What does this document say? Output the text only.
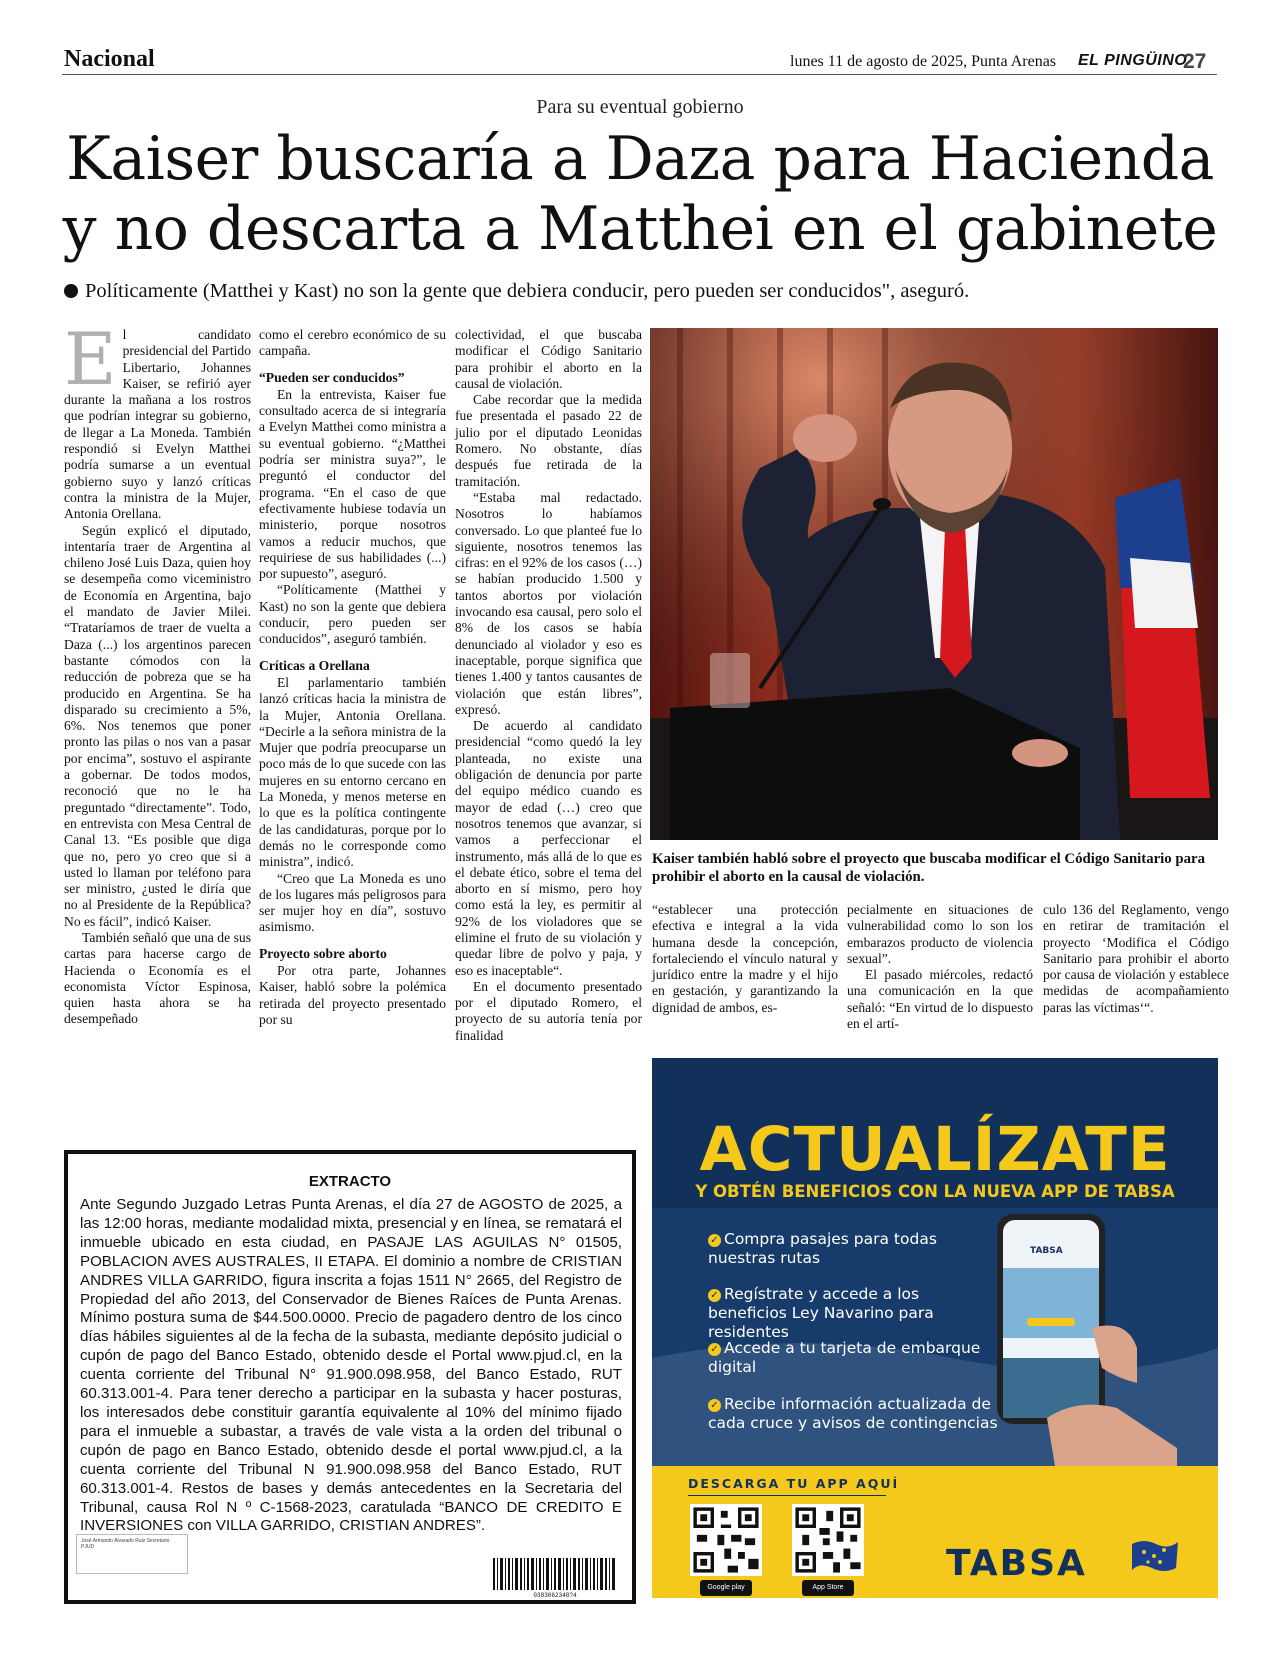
Nacional	lunes 11 de agosto de 2025, Punta Arenas EL PINGÜINO
27
Para su eventual gobierno
Kaiser buscaría a Daza para Hacienda
y no descarta a Matthei en el gabinete
Políticamente (Matthei y Kast) no son la gente que debiera conducir, pero pueden ser conducidos", aseguró.
E l candidato presidencial del Partido Libertario, Johannes Kaiser, se refirió ayer durante la mañana a los rostros que podrían integrar su gobierno, de llegar a La Moneda. También respondió si Evelyn Matthei podría sumarse a un eventual gobierno suyo y lanzó críticas contra la ministra de la Mujer, Antonia Orellana.

Según explicó el diputado, intentaría traer de Argentina al chileno José Luis Daza, quien hoy se desempeña como viceministro de Economía en Argentina, bajo el mandato de Javier Milei. “Trataríamos de traer de vuelta a Daza (...) los argentinos parecen bastante cómodos con la reducción de pobreza que se ha producido en Argentina. Se ha disparado su crecimiento a 5%, 6%. Nos tenemos que poner pronto las pilas o nos van a pasar por encima”, sostuvo el aspirante a gobernar. De todos modos, reconoció que no le ha preguntado “directamente”. Todo, en entrevista con Mesa Central de Canal 13. “Es posible que diga que no, pero yo creo que si a usted lo llaman por teléfono para ser ministro, ¿usted le diría que no al Presidente de la República? No es fácil”, indicó Kaiser.

También señaló que una de sus cartas para hacerse cargo de Hacienda o Economía es el economista Víctor Espinosa, quien hasta ahora se ha desempeñado

como el cerebro económico de su campaña.

“Pueden ser conducidos”

En la entrevista, Kaiser fue consultado acerca de si integraría a Evelyn Matthei como ministra a su eventual gobierno. “¿Matthei podría ser ministra suya?”, le preguntó el conductor del programa. “En el caso de que efectivamente hubiese todavía un ministerio, porque nosotros vamos a reducir muchos, que requiriese de sus habilidades (...) por supuesto”, aseguró.

“Políticamente (Matthei y Kast) no son la gente que debiera conducir, pero pueden ser conducidos”, aseguró también.

Críticas a Orellana

El parlamentario también lanzó críticas hacia la ministra de la Mujer, Antonia Orellana. “Decirle a la señora ministra de la Mujer que podría preocuparse un poco más de lo que sucede con las mujeres en su entorno cercano en La Moneda, y menos meterse en lo que es la política contingente de las candidaturas, porque por lo demás no le corresponde como ministra”, indicó.

“Creo que La Moneda es uno de los lugares más peligrosos para ser mujer hoy en día”, sostuvo asimismo.

Proyecto sobre aborto

Por otra parte, Johannes Kaiser, habló sobre la polémica retirada del proyecto presentado por su

colectividad, el que buscaba modificar el Código Sanitario para prohibir el aborto en la causal de violación.

Cabe recordar que la medida fue presentada el pasado 22 de julio por el diputado Leonidas Romero. No obstante, días después fue retirada de la tramitación.

“Estaba mal redactado. Nosotros lo habíamos conversado. Lo que planteé fue lo siguiente, nosotros tenemos las cifras: en el 92% de los casos (…) se habían producido 1.500 y tantos abortos por violación invocando esa causal, pero solo el 8% de los casos se había denunciado al violador y eso es inaceptable, porque significa que tienes 1.400 y tantos causantes de violación que están libres”, expresó.

De acuerdo al candidato presidencial “como quedó la ley planteada, no existe una obligación de denuncia por parte del equipo médico cuando es mayor de edad (…) creo que nosotros tenemos que avanzar, si vamos a perfeccionar el instrumento, más allá de lo que es el debate ético, sobre el tema del aborto en sí mismo, pero hoy como está la ley, es permitir al 92% de los violadores que se elimine el fruto de su violación y quedar libre de polvo y paja, y eso es inaceptable“.

En el documento presentado por el diputado Romero, el proyecto de su autoría tenía por finalidad

Kaiser también habló sobre el proyecto que buscaba modificar el Código Sanitario para prohibir el aborto en la causal de violación.

“establecer una protección efectiva e integral a la vida humana desde la concepción, fortaleciendo el vínculo natural y jurídico entre la madre y el hijo en gestación, y garantizando la dignidad de ambos, es-

pecialmente en situaciones de vulnerabilidad como lo son los embarazos producto de violencia sexual”.

El pasado miércoles, redactó una comunicación en la que señaló: “En virtud de lo dispuesto en el artí-

culo 136 del Reglamento, vengo en retirar de tramitación el proyecto ‘Modifica el Código Sanitario para prohibir el aborto por causa de violación y establece medidas de acompañamiento paras las víctimas‘“.

EXTRACTO
Ante Segundo Juzgado Letras Punta Arenas, el día 27 de AGOSTO de 2025, a las 12:00 horas, mediante modalidad mixta, presencial y en línea, se rematará el inmueble ubicado en esta ciudad, en PASAJE LAS AGUILAS N° 01505, POBLACION AVES AUSTRALES, II ETAPA. El dominio a nombre de CRISTIAN ANDRES VILLA GARRIDO, figura inscrita a fojas 1511 N° 2665, del Registro de Propiedad del año 2013, del Conservador de Bienes Raíces de Punta Arenas. Mínimo postura suma de $44.500.0000. Precio de pagadero dentro de los cinco días hábiles siguientes al de la fecha de la subasta, mediante depósito judicial o cupón de pago del Banco Estado, obtenido desde el Portal www.pjud.cl, en la cuenta corriente del Tribunal N° 91.900.098.958, del Banco Estado, RUT 60.313.001-4. Para tener derecho a participar en la subasta y hacer posturas, los interesados debe constituir garantía equivalente al 10% del mínimo fijado para el inmueble a subastar, a través de vale vista a la orden del tribunal o cupón de pago en Banco Estado, obtenido desde el portal www.pjud.cl, a la cuenta corriente del Tribunal N 91.900.098.958 del Banco Estado, RUT 60.313.001-4. Restos de bases y demás antecedentes en la Secretaria del Tribunal, causa Rol N º C-1568-2023, caratulada “BANCO DE CREDITO E INVERSIONES con VILLA GARRIDO, CRISTIAN ANDRES”.
José Armando Alvarado Ruiz Secretario PJUD
0383062348?4
ACTUALÍZATE
Y OBTÉN BENEFICIOS CON LA NUEVA APP DE TABSA
✓ Compra pasajes para todas nuestras rutas
✓ Regístrate y accede a los beneficios Ley Navarino para residentes
✓ Accede a tu tarjeta de embarque digital
✓ Recibe información actualizada de cada cruce y avisos de contingencias
TABSA
DESCARGA TU APP AQUÍ
Google play	App Store
TABSA
